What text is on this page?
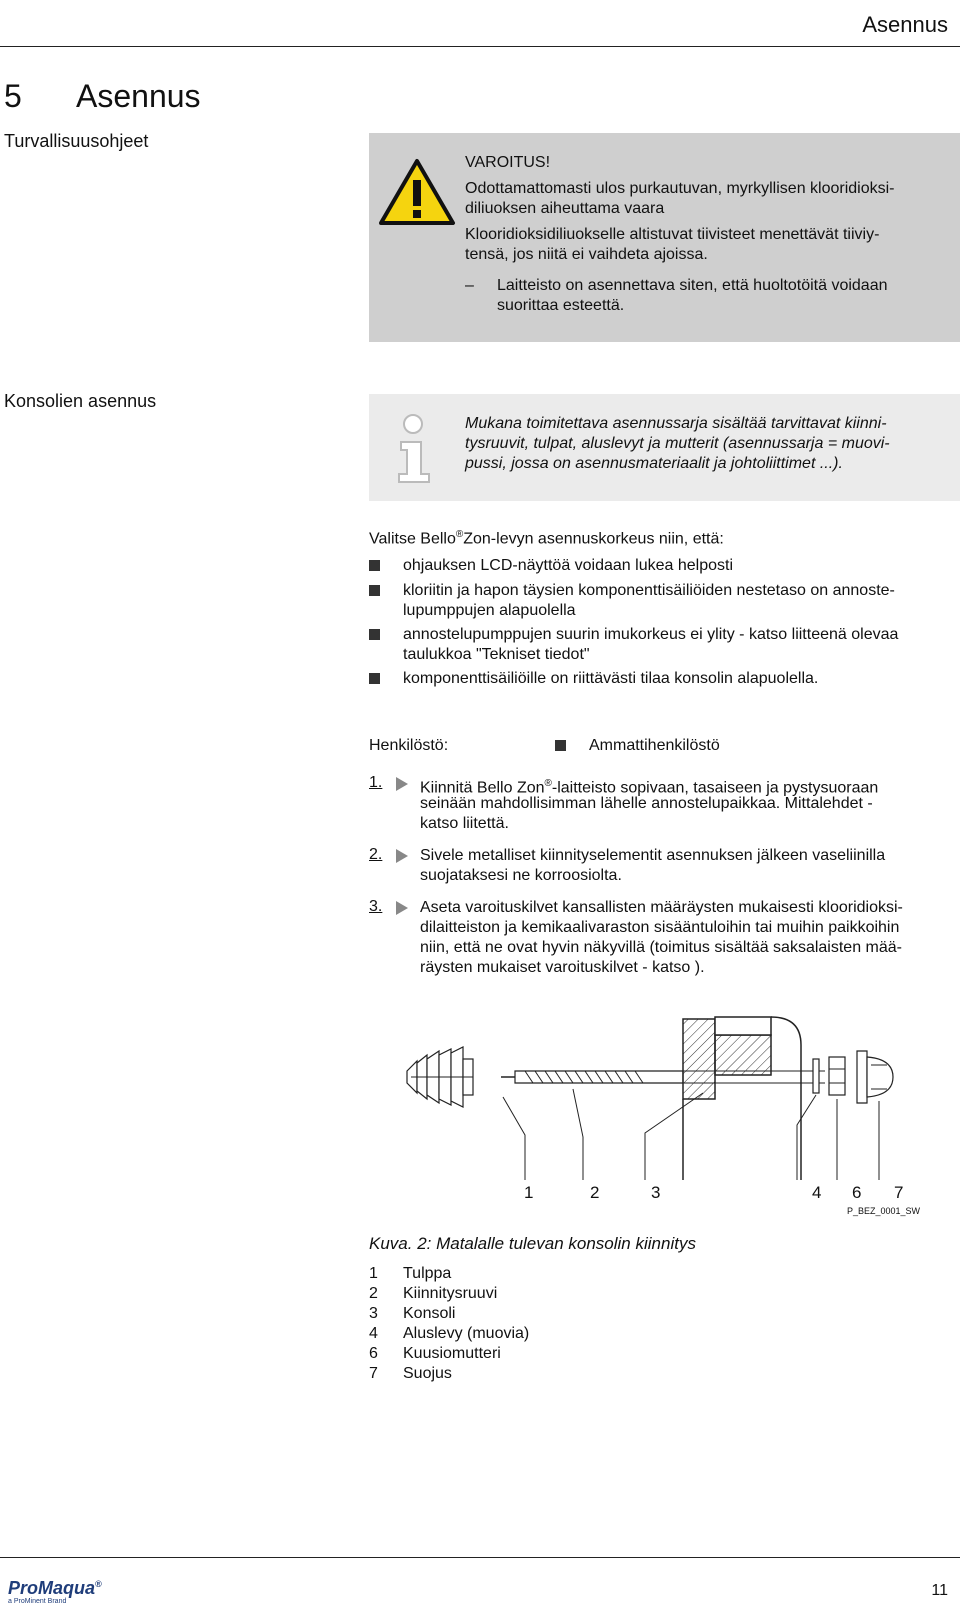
Asennus
5 Asennus
Turvallisuusohjeet
VAROITUS!
Odottamattomasti ulos purkautuvan, myrkyllisen klooridioksi-
diliuoksen aiheuttama vaara
Klooridioksidiliuokselle altistuvat tiivisteet menettävät tiiviy-
tensä, jos niitä ei vaihdeta ajoissa.
– Laitteisto on asennettava siten, että huoltotöitä voidaan
suorittaa esteettä.
Konsolien asennus
Mukana toimitettava asennussarja sisältää tarvittavat kiinni-
tysruuvit, tulpat, aluslevyt ja mutterit (asennussarja = muovi-
pussi, jossa on asennusmateriaalit ja johtoliittimet ...).
Valitse Bello®Zon-levyn asennuskorkeus niin, että:
ohjauksen LCD-näyttöä voidaan lukea helposti
kloriitin ja hapon täysien komponenttisäiliöiden nestetaso on annoste-
lupumppujen alapuolella
annostelupumppujen suurin imukorkeus ei ylity - katso liitteenä olevaa
taulukkoa "Tekniset tiedot"
komponenttisäiliöille on riittävästi tilaa konsolin alapuolella.
Henkilöstö:	Ammattihenkilöstö
1. Kiinnitä Bello Zon®-laitteisto sopivaan, tasaiseen ja pystysuoraan
seinään mahdollisimman lähelle annostelupaikkaa. Mittalehdet -
katso liitettä.
2. Sivele metalliset kiinnityselementit asennuksen jälkeen vaseliinilla
suojataksesi ne korroosiolta.
3. Aseta varoituskilvet kansallisten määräysten mukaisesti klooridioksi-
dilaitteiston ja kemikaalivaraston sisääntuloihin tai muihin paikkoihin
niin, että ne ovat hyvin näkyvillä (toimitus sisältää saksalaisten mää-
räysten mukaiset varoituskilvet - katso ).
1	2	3	4 6 7
P_BEZ_0001_SW
Kuva. 2: Matalalle tulevan konsolin kiinnitys
1 Tulppa
2 Kiinnitysruuvi
3 Konsoli
4 Aluslevy (muovia)
6 Kuusiomutteri
7 Suojus
ProMaqua®
a ProMinent Brand
11
